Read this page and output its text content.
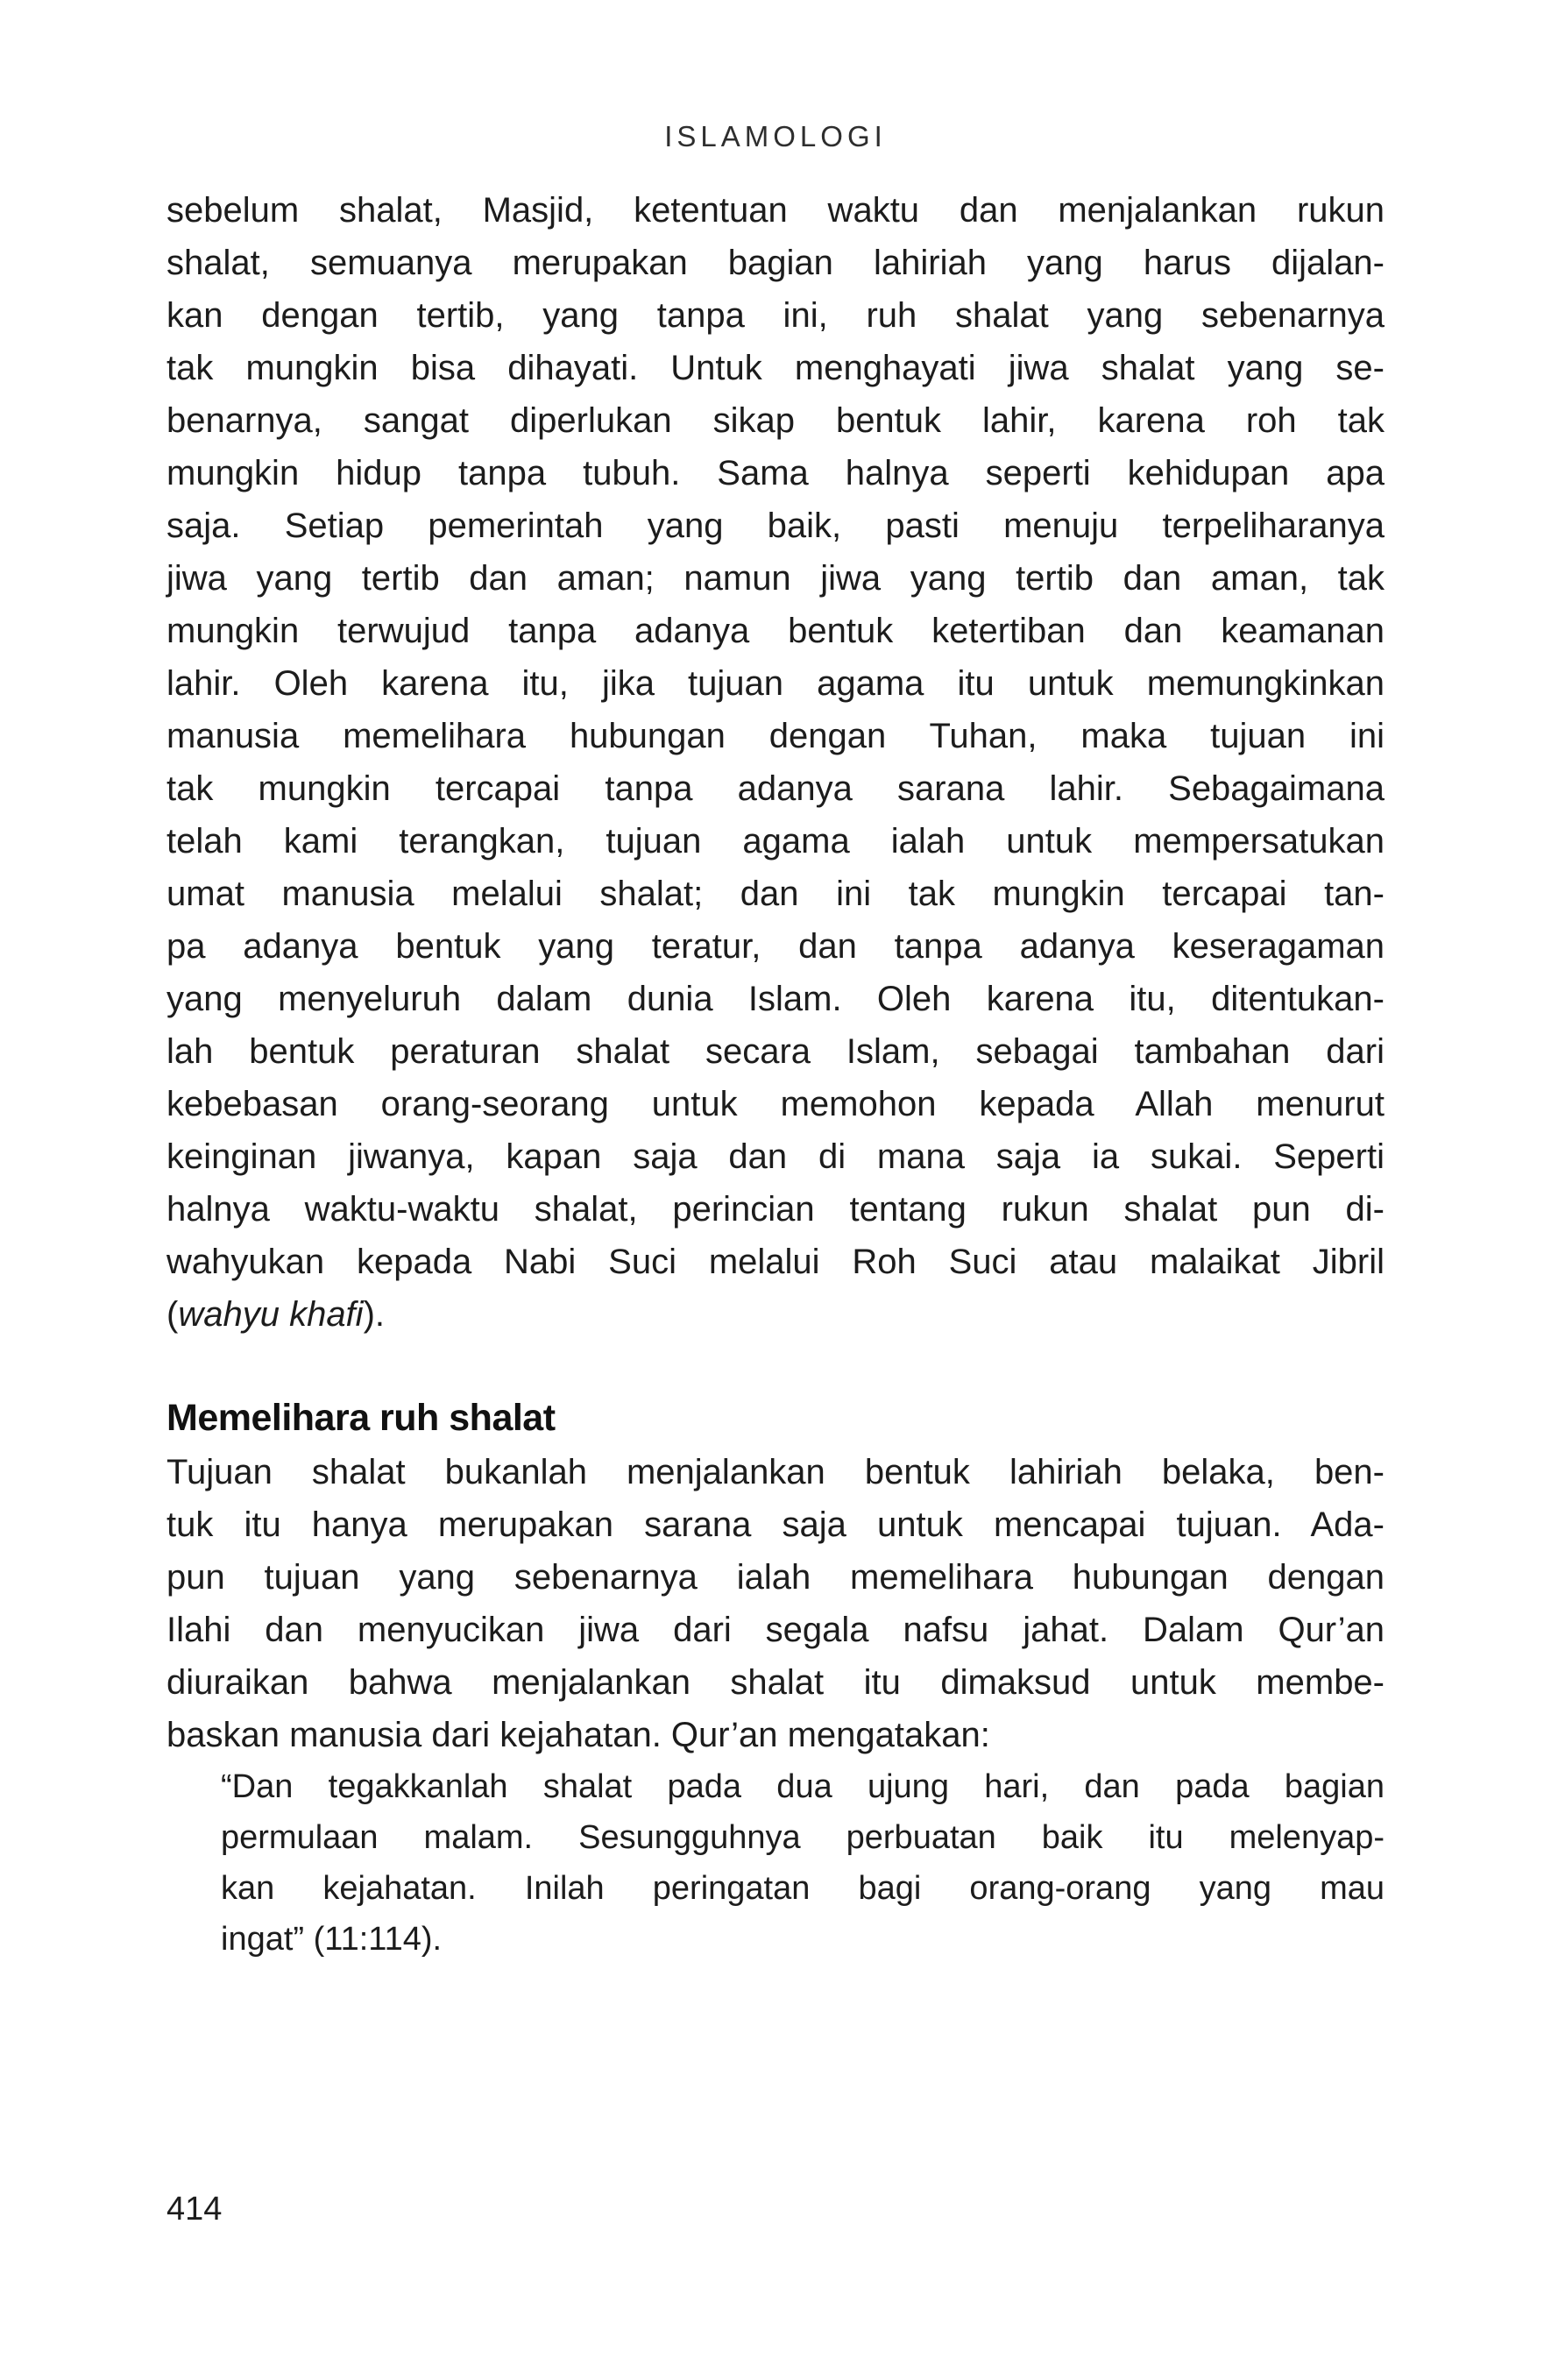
ISLAMOLOGI

sebelum shalat, Masjid, ketentuan waktu dan menjalankan rukun

shalat, semuanya merupakan bagian lahiriah yang harus dijalan-

kan dengan tertib, yang tanpa ini, ruh shalat yang sebenarnya

tak mungkin bisa dihayati. Untuk menghayati jiwa shalat yang se-

benarnya, sangat diperlukan sikap bentuk lahir, karena roh tak

mungkin hidup tanpa tubuh. Sama halnya seperti kehidupan apa

saja. Setiap pemerintah yang baik, pasti menuju terpeliharanya

jiwa yang tertib dan aman; namun jiwa yang tertib dan aman, tak

mungkin terwujud tanpa adanya bentuk ketertiban dan keamanan

lahir. Oleh karena itu, jika tujuan agama itu untuk memungkinkan

manusia memelihara hubungan dengan Tuhan, maka tujuan ini

tak mungkin tercapai tanpa adanya sarana lahir. Sebagaimana

telah kami terangkan, tujuan agama ialah untuk mempersatukan

umat manusia melalui shalat; dan ini tak mungkin tercapai tan-

pa adanya bentuk yang teratur, dan tanpa adanya keseragaman

yang menyeluruh dalam dunia Islam. Oleh karena itu, ditentukan-

lah bentuk peraturan shalat secara Islam, sebagai tambahan dari

kebebasan orang-seorang untuk memohon kepada Allah menurut

keinginan jiwanya, kapan saja dan di mana saja ia sukai. Seperti

halnya waktu-waktu shalat, perincian tentang rukun shalat pun di-

wahyukan kepada Nabi Suci melalui Roh Suci atau malaikat Jibril

(wahyu khafi).

Memelihara ruh shalat

Tujuan shalat bukanlah menjalankan bentuk lahiriah belaka, ben-

tuk itu hanya merupakan sarana saja untuk mencapai tujuan. Ada-

pun tujuan yang sebenarnya ialah memelihara hubungan dengan

Ilahi dan menyucikan jiwa dari segala nafsu jahat. Dalam Qur’an

diuraikan bahwa menjalankan shalat itu dimaksud untuk membe-

baskan manusia dari kejahatan. Qur’an mengatakan:

“Dan tegakkanlah shalat pada dua ujung hari, dan pada bagian

permulaan malam. Sesungguhnya perbuatan baik itu melenyap-

kan kejahatan. Inilah peringatan bagi orang-orang yang mau

ingat” (11:114).

414
